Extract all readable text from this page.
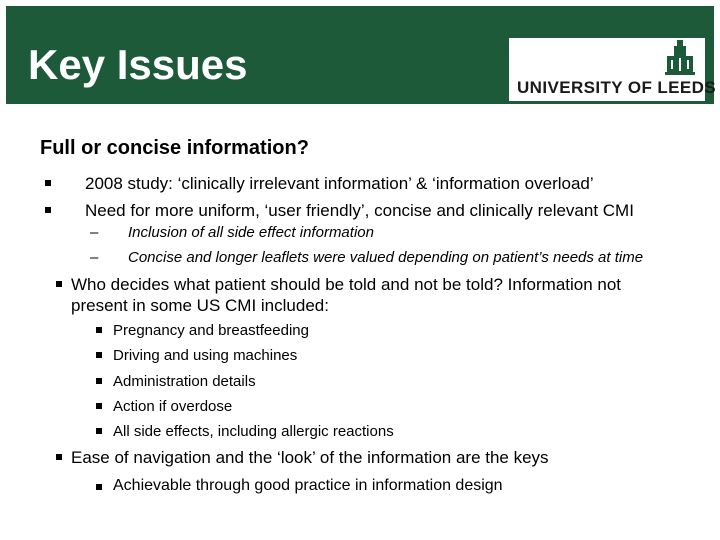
Key Issues	UNIVERSITY OF LEEDS
Full or concise information?
2008 study: ‘clinically irrelevant information’ & ‘information overload’
Need for more uniform, ‘user friendly’, concise and clinically relevant CMI
– Inclusion of all side effect information
– Concise and longer leaflets were valued depending on patient’s needs at time
Who decides what patient should be told and not be told? Information not
present in some US CMI included:
Pregnancy and breastfeeding
Driving and using machines
Administration details
Action if overdose
All side effects, including allergic reactions
Ease of navigation and the ‘look’ of the information are the keys
Achievable through good practice in information design
